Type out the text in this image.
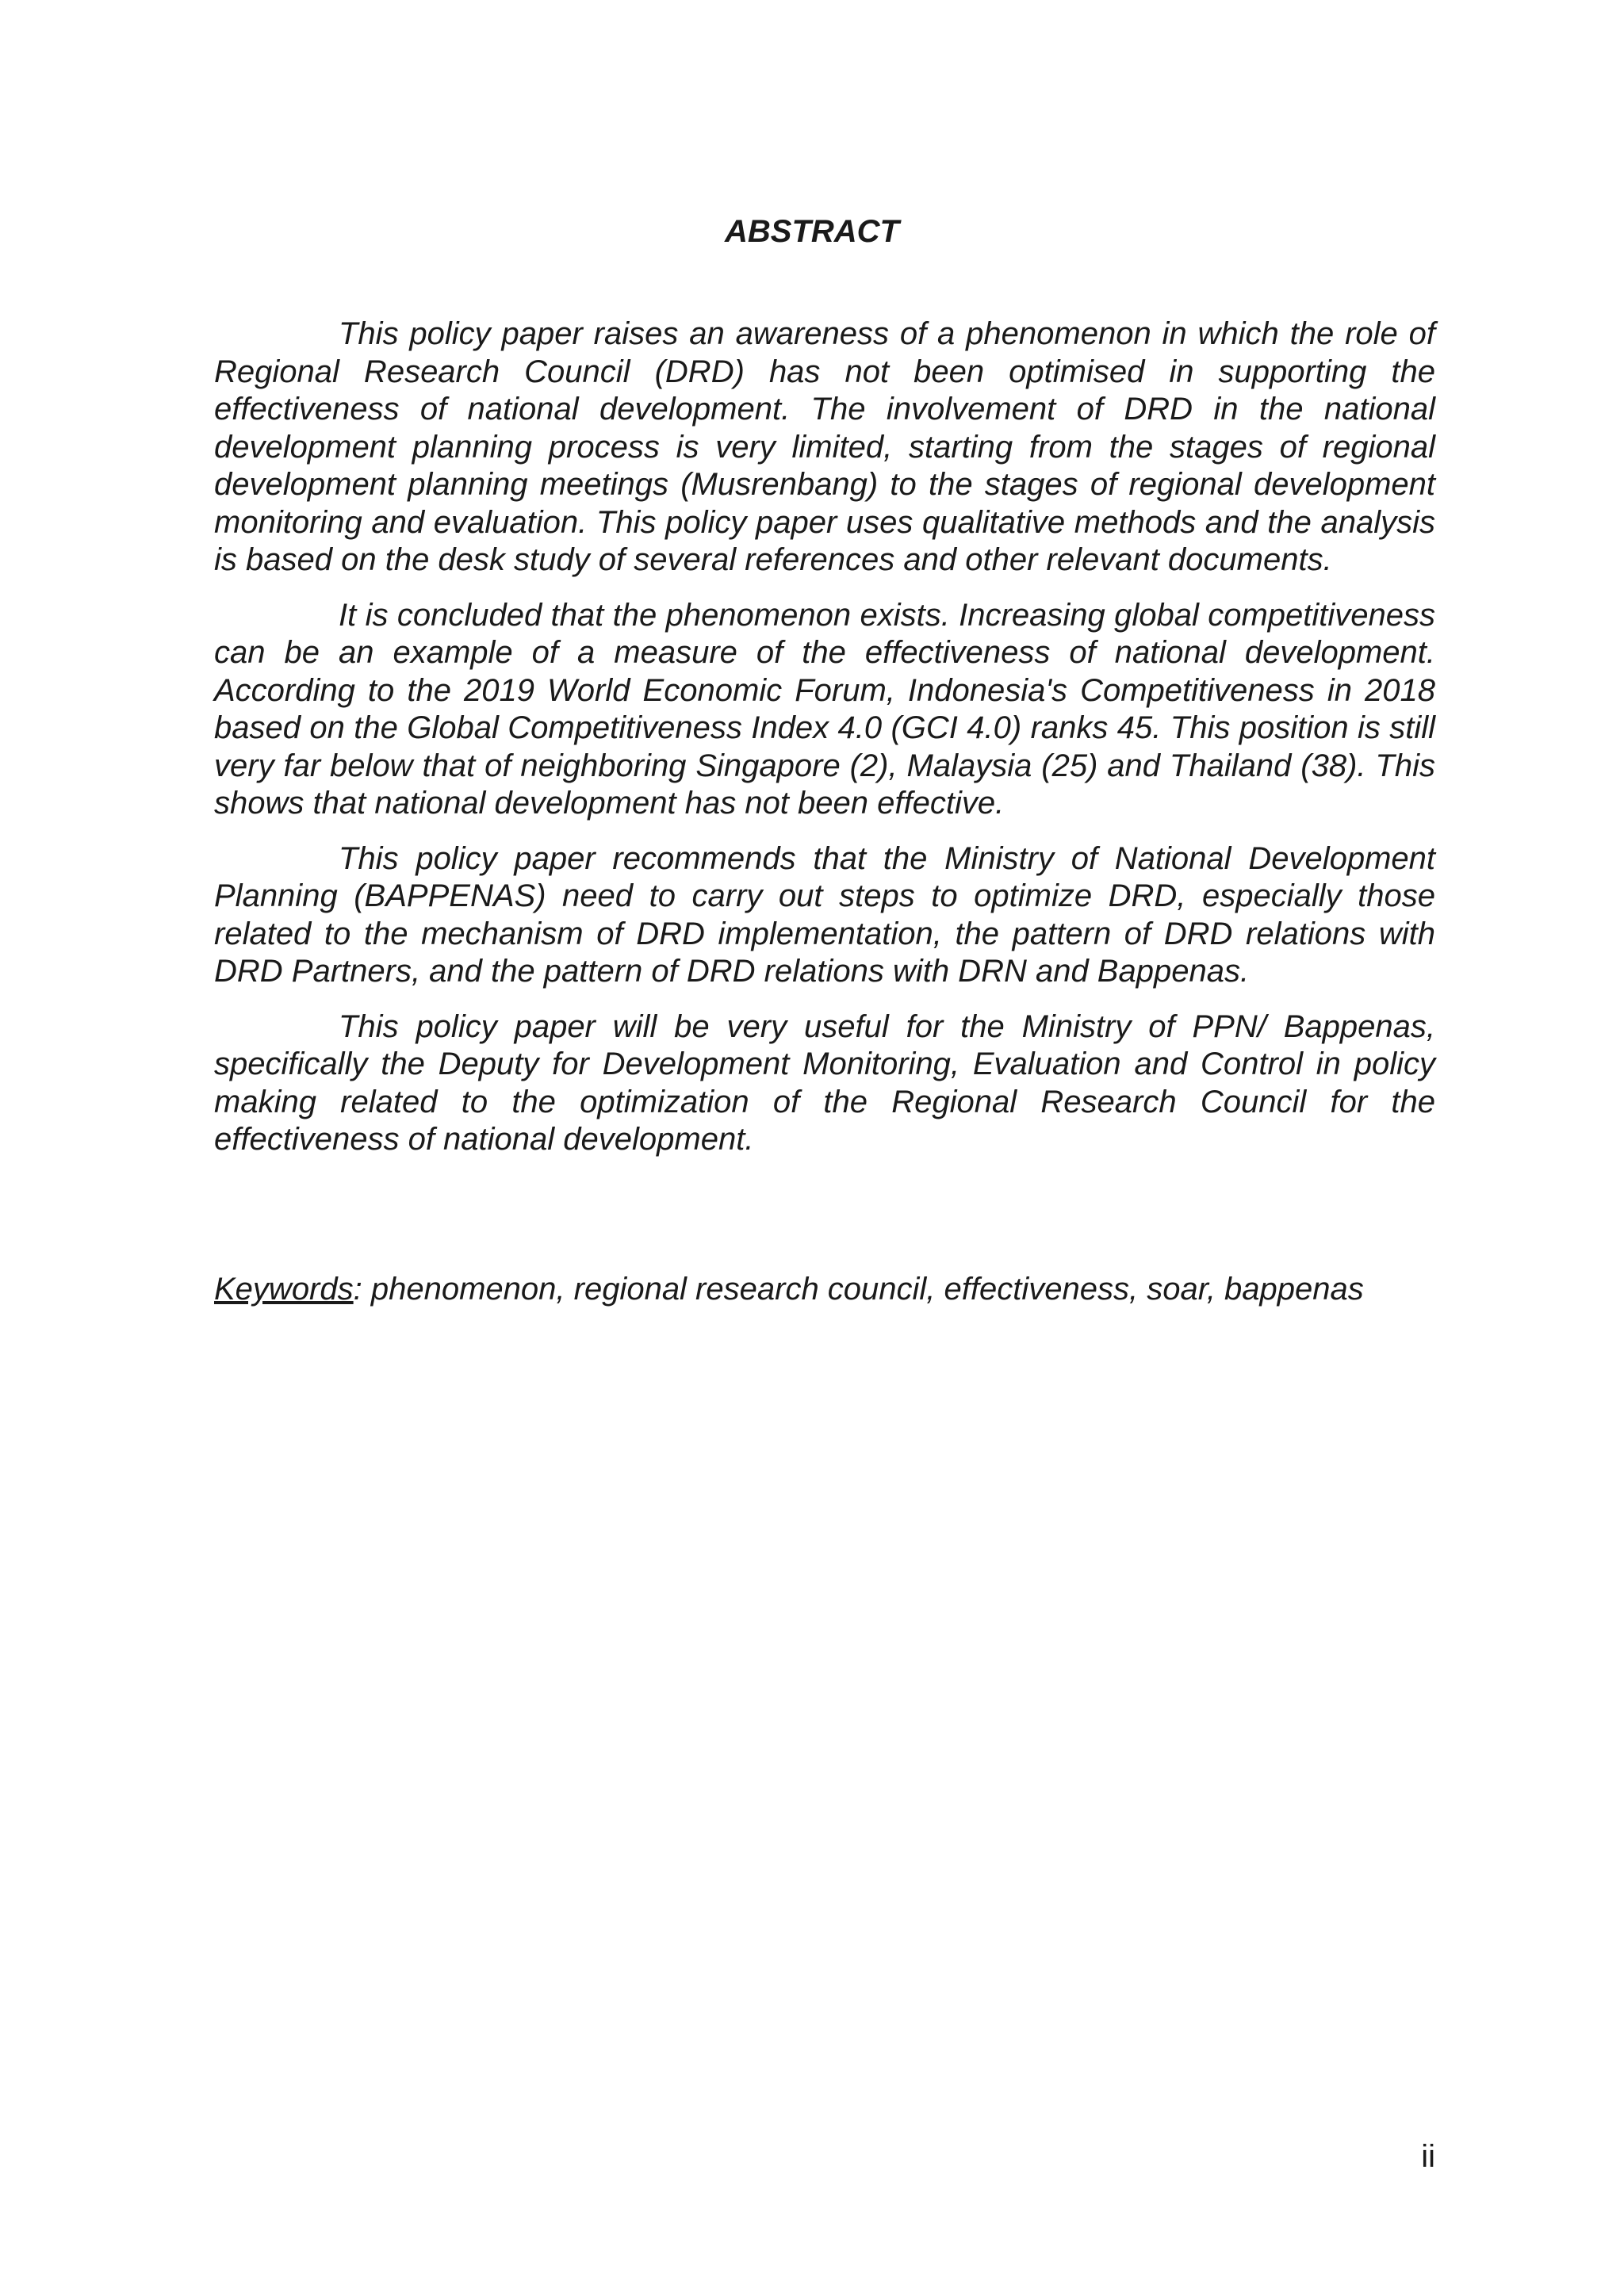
ABSTRACT

This policy paper raises an awareness of a phenomenon in which the role of Regional Research Council (DRD) has not been optimised in supporting the effectiveness of national development. The involvement of DRD in the national development planning process is very limited, starting from the stages of regional development planning meetings (Musrenbang) to the stages of regional development monitoring and evaluation. This policy paper uses qualitative methods and the analysis is based on the desk study of several references and other relevant documents.

It is concluded that the phenomenon exists. Increasing global competitiveness can be an example of a measure of the effectiveness of national development. According to the 2019 World Economic Forum, Indonesia's Competitiveness in 2018 based on the Global Competitiveness Index 4.0 (GCI 4.0) ranks 45. This position is still very far below that of neighboring Singapore (2), Malaysia (25) and Thailand (38). This shows that national development has not been effective.

This policy paper recommends that the Ministry of National Development Planning (BAPPENAS) need to carry out steps to optimize DRD, especially those related to the mechanism of DRD implementation, the pattern of DRD relations with DRD Partners, and the pattern of DRD relations with DRN and Bappenas.

This policy paper will be very useful for the Ministry of PPN/ Bappenas, specifically the Deputy for Development Monitoring, Evaluation and Control in policy making related to the optimization of the Regional Research Council for the effectiveness of national development.

Keywords: phenomenon, regional research council, effectiveness, soar, bappenas
ii
